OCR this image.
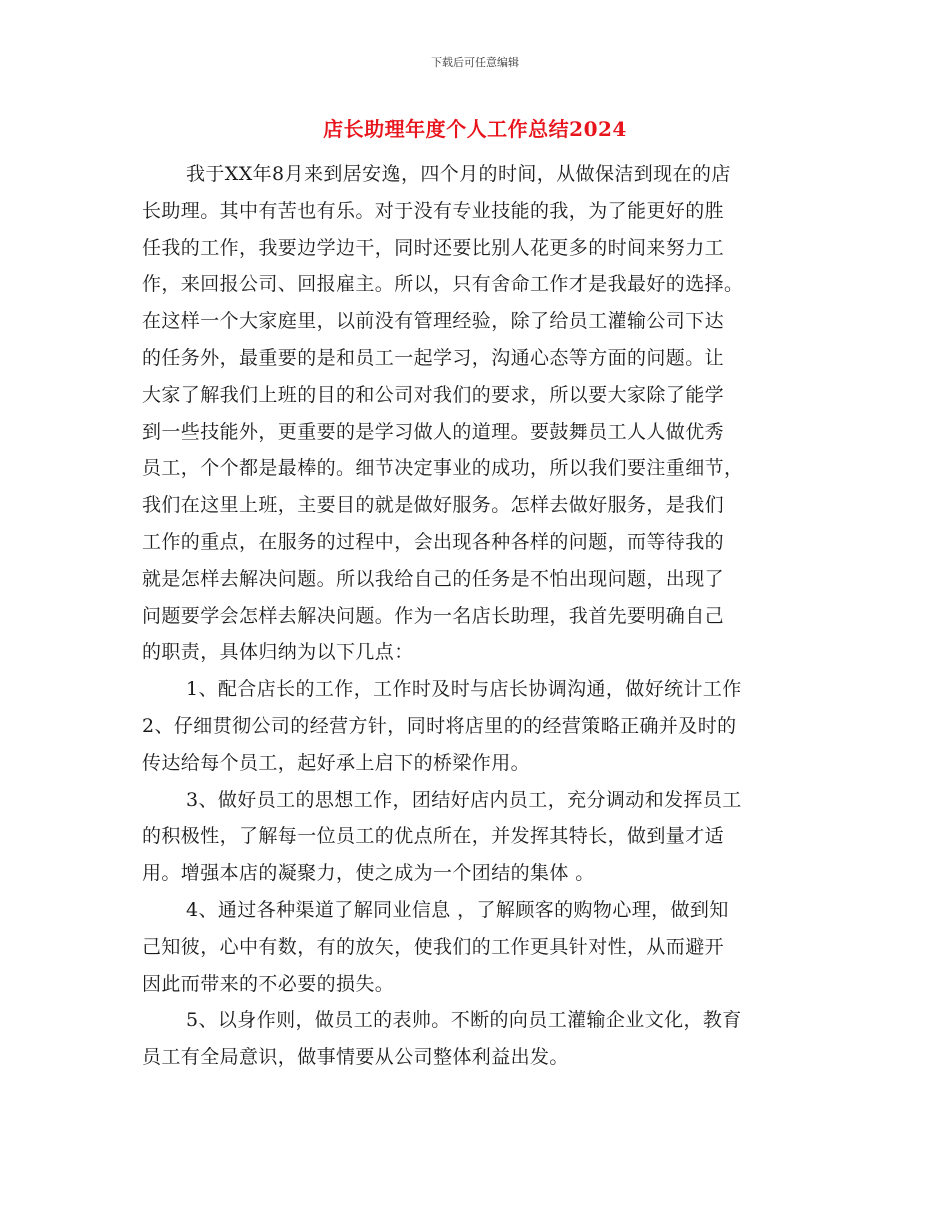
下载后可任意编辑
店长助理年度个人工作总结2024
我于XX年8月来到居安逸，四个月的时间，从做保洁到现在的店
长助理。其中有苦也有乐。对于没有专业技能的我，为了能更好的胜
任我的工作，我要边学边干，同时还要比别人花更多的时间来努力工
作，来回报公司、回报雇主。所以，只有舍命工作才是我最好的选择。
在这样一个大家庭里，以前没有管理经验，除了给员工灌输公司下达
的任务外，最重要的是和员工一起学习，沟通心态等方面的问题。让
大家了解我们上班的目的和公司对我们的要求，所以要大家除了能学
到一些技能外，更重要的是学习做人的道理。要鼓舞员工人人做优秀
员工，个个都是最棒的。细节决定事业的成功，所以我们要注重细节，
我们在这里上班，主要目的就是做好服务。怎样去做好服务，是我们
工作的重点，在服务的过程中，会出现各种各样的问题，而等待我的
就是怎样去解决问题。所以我给自己的任务是不怕出现问题，出现了
问题要学会怎样去解决问题。作为一名店长助理，我首先要明确自己
的职责，具体归纳为以下几点：
1、配合店长的工作，工作时及时与店长协调沟通，做好统计工作
2、仔细贯彻公司的经营方针，同时将店里的的经营策略正确并及时的
传达给每个员工，起好承上启下的桥梁作用。
3、做好员工的思想工作，团结好店内员工，充分调动和发挥员工
的积极性，了解每一位员工的优点所在，并发挥其特长，做到量才适
用。增强本店的凝聚力，使之成为一个团结的集体 。
4、通过各种渠道了解同业信息 ，了解顾客的购物心理，做到知
己知彼，心中有数，有的放矢，使我们的工作更具针对性，从而避开
因此而带来的不必要的损失。
5、以身作则，做员工的表帅。不断的向员工灌输企业文化，教育
员工有全局意识，做事情要从公司整体利益出发。
